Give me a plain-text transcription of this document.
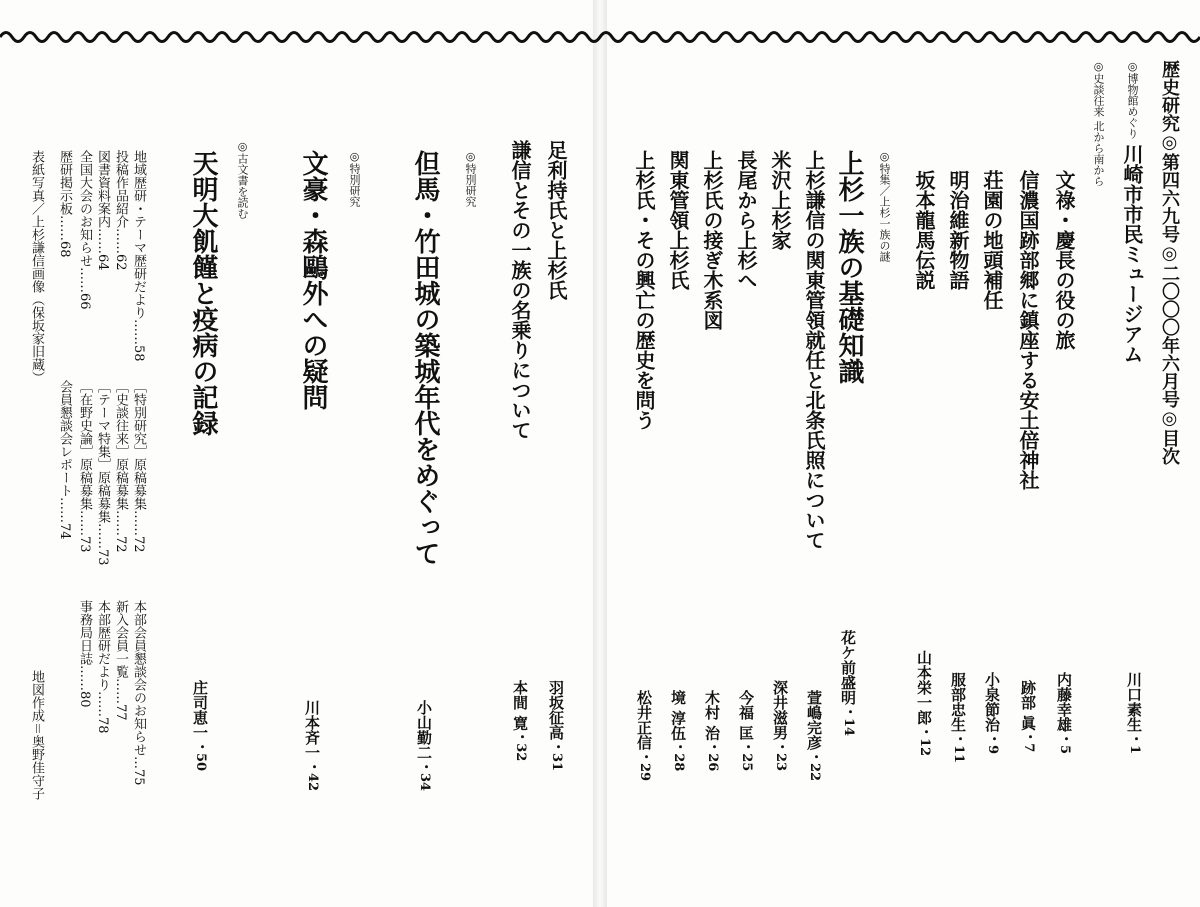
歴史研究◎第四六九号◎二〇〇〇年六月号◎目次
◎博物館めぐり 川崎市市民ミュージアム
川口素生・1
◎史談往来 北から南から
文祿・慶長の役の旅
内藤幸雄・5
信濃国跡部郷に鎮座する安土倍神社
跡部 眞・7
荘園の地頭補任
小泉節治・9
明治維新物語
服部忠生・11
坂本龍馬伝説
山本栄一郎・12
◎特集／上杉一族の謎
上杉一族の基礎知識
花ケ前盛明・14
上杉謙信の関東管領就任と北条氏照について
萱嶋完彦・22
米沢上杉家
深井滋男・23
長尾から上杉へ
今福 匡・25
上杉氏の接ぎ木系図
木村 治・26
関東管領上杉氏
境 淳伍・28
上杉氏・その興亡の歴史を問う
松井正信・29
足利持氏と上杉氏
羽坂征高・31
謙信とその一族の名乗りについて
本間 寛・32
◎特別研究
但馬・竹田城の築城年代をめぐって
小山勤二・34
◎特別研究
文豪・森鷗外への疑問
川本斉一・42
◎古文書を読む
天明大飢饉と疫病の記録
庄司恵一・50
地域歴研・テーマ歴研だより……58
投稿作品紹介……62
図書資料案内……64
全国大会のお知らせ……66
歴研掲示板……68
［特別研究］原稿募集……72
［史談往来］原稿募集……72
［テーマ特集］原稿募集……73
［在野史論］原稿募集……73
会員懇談会レポート……74
本部会員懇談会のお知らせ…75
新入会員一覧……77
本部歴研だより……78
事務局日誌……80
表紙写真／上杉謙信画像（保坂家旧蔵）
地図作成＝奥野佳守子
